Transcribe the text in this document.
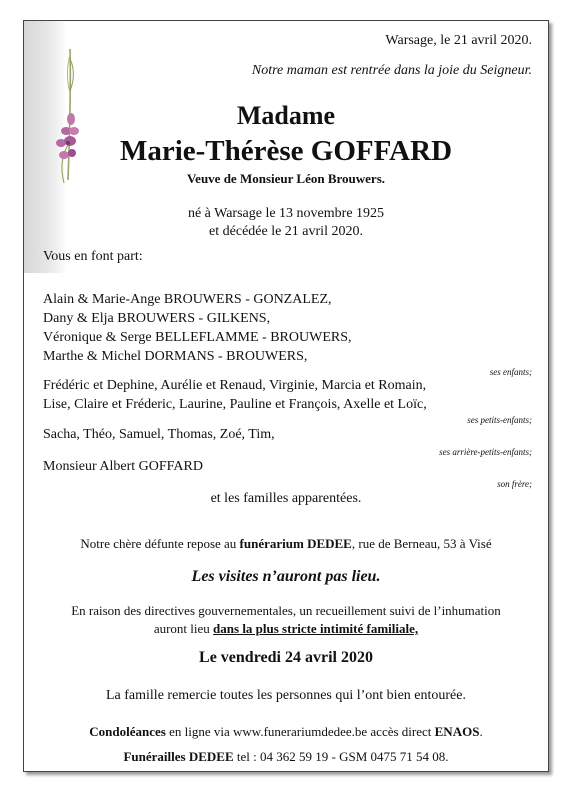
Warsage, le 21 avril 2020.
Notre maman est rentrée dans la joie du Seigneur.
Madame
Marie-Thérèse GOFFARD
Veuve de Monsieur Léon Brouwers.
né à Warsage le 13 novembre 1925
et décédée le 21 avril 2020.
Vous en font part:
Alain & Marie-Ange BROUWERS - GONZALEZ,
Dany & Elja BROUWERS - GILKENS,
Véronique & Serge BELLEFLAMME - BROUWERS,
Marthe & Michel DORMANS - BROUWERS,
ses enfants;
Frédéric et Dephine, Aurélie et Renaud, Virginie, Marcia et Romain,
Lise, Claire et Fréderic, Laurine, Pauline et François, Axelle et Loïc,
ses petits-enfants;
Sacha, Théo, Samuel, Thomas, Zoé, Tim,
ses arrière-petits-enfants;
Monsieur Albert GOFFARD
son frère;
et les familles apparentées.
Notre chère défunte repose au funérarium DEDEE, rue de Berneau, 53 à Visé
Les visites n’auront pas lieu.
En raison des directives gouvernementales, un recueillement suivi de l’inhumation
auront lieu dans la plus stricte intimité familiale,
Le vendredi 24 avril 2020
La famille remercie toutes les personnes qui l’ont bien entourée.
Condoléances en ligne via www.funerariumdedee.be accès direct ENAOS.
Funérailles DEDEE tel : 04 362 59 19 - GSM 0475 71 54 08.
